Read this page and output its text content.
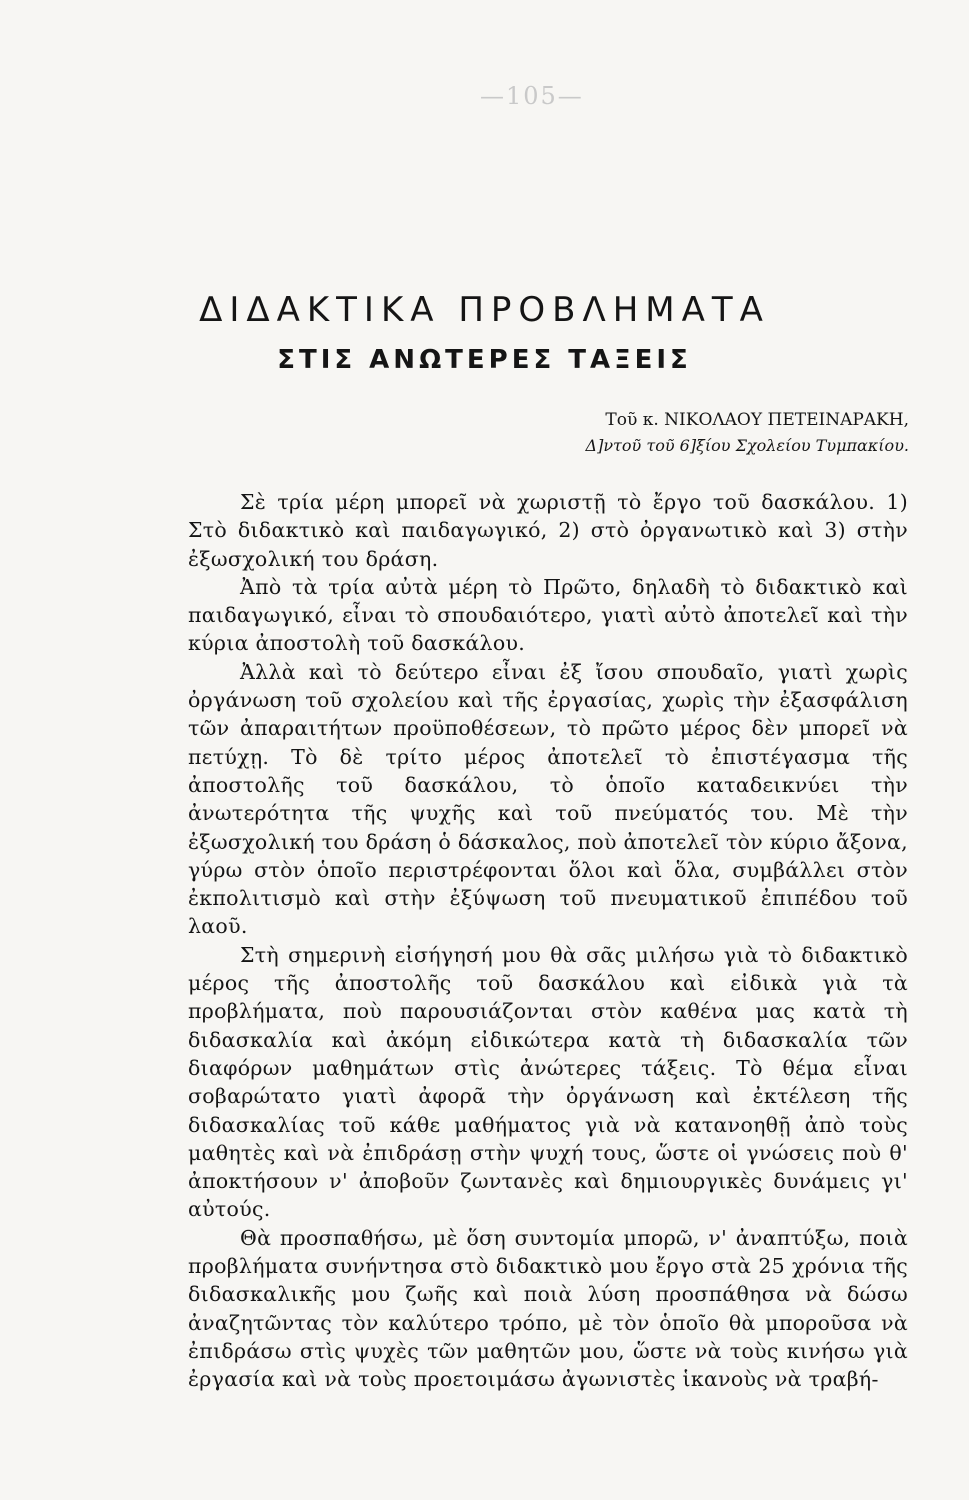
—105—
ΔΙΔΑΚΤΙΚΑ ΠΡΟΒΛΗΜΑΤΑ
ΣΤΙΣ ΑΝΩΤΕΡΕΣ ΤΑΞΕΙΣ
Τοῦ κ. ΝΙΚΟΛΑΟΥ ΠΕΤΕΙΝΑΡΑΚΗ,
Δ]ντοῦ τοῦ 6]ξίου Σχολείου Τυμπακίου.

Σὲ τρία μέρη μπορεῖ νὰ χωριστῇ τὸ ἔργο τοῦ δασκάλου. 1) Στὸ διδακτικὸ καὶ παιδαγωγικό, 2) στὸ ὀργανωτικὸ καὶ 3) στὴν ἐξωσχολική του δράση.

Ἀπὸ τὰ τρία αὐτὰ μέρη τὸ Πρῶτο, δηλαδὴ τὸ διδακτικὸ καὶ παιδαγωγικό, εἶναι τὸ σπουδαιότερο, γιατὶ αὐτὸ ἀποτελεῖ καὶ τὴν κύρια ἀποστολὴ τοῦ δασκάλου.

Ἀλλὰ καὶ τὸ δεύτερο εἶναι ἐξ ἴσου σπουδαῖο, γιατὶ χωρὶς ὀργάνωση τοῦ σχολείου καὶ τῆς ἐργασίας, χωρὶς τὴν ἐξασφάλιση τῶν ἀπαραιτήτων προϋποθέσεων, τὸ πρῶτο μέρος δὲν μπορεῖ νὰ πετύχῃ. Τὸ δὲ τρίτο μέρος ἀποτελεῖ τὸ ἐπιστέγασμα τῆς ἀποστολῆς τοῦ δασκάλου, τὸ ὁποῖο καταδεικνύει τὴν ἀνωτερότητα τῆς ψυχῆς καὶ τοῦ πνεύματός του. Μὲ τὴν ἐξωσχολική του δράση ὁ δάσκαλος, ποὺ ἀποτελεῖ τὸν κύριο ἄξονα, γύρω στὸν ὁποῖο περιστρέφονται ὅλοι καὶ ὅλα, συμβάλλει στὸν ἐκπολιτισμὸ καὶ στὴν ἐξύψωση τοῦ πνευματικοῦ ἐπιπέδου τοῦ λαοῦ.

Στὴ σημερινὴ εἰσήγησή μου θὰ σᾶς μιλήσω γιὰ τὸ διδακτικὸ μέρος τῆς ἀποστολῆς τοῦ δασκάλου καὶ εἰδικὰ γιὰ τὰ προβλήματα, ποὺ παρουσιάζονται στὸν καθένα μας κατὰ τὴ διδασκαλία καὶ ἀκόμη εἰδικώτερα κατὰ τὴ διδασκαλία τῶν διαφόρων μαθημάτων στὶς ἀνώτερες τάξεις. Τὸ θέμα εἶναι σοβαρώτατο γιατὶ ἀφορᾶ τὴν ὀργάνωση καὶ ἐκτέλεση τῆς διδασκαλίας τοῦ κάθε μαθήματος γιὰ νὰ κατανοηθῇ ἀπὸ τοὺς μαθητὲς καὶ νὰ ἐπιδράσῃ στὴν ψυχή τους, ὥστε οἱ γνώσεις ποὺ θ' ἀποκτήσουν ν' ἀποβοῦν ζωντανὲς καὶ δημιουργικὲς δυνάμεις γι' αὐτούς.

Θὰ προσπαθήσω, μὲ ὅση συντομία μπορῶ, ν' ἀναπτύξω, ποιὰ προβλήματα συνήντησα στὸ διδακτικὸ μου ἔργο στὰ 25 χρόνια τῆς διδασκαλικῆς μου ζωῆς καὶ ποιὰ λύση προσπάθησα νὰ δώσω ἀναζητῶντας τὸν καλύτερο τρόπο, μὲ τὸν ὁποῖο θὰ μποροῦσα νὰ ἐπιδράσω στὶς ψυχὲς τῶν μαθητῶν μου, ὥστε νὰ τοὺς κινήσω γιὰ ἐργασία καὶ νὰ τοὺς προετοιμάσω ἀγωνιστὲς ἱκανοὺς νὰ τραβή-
